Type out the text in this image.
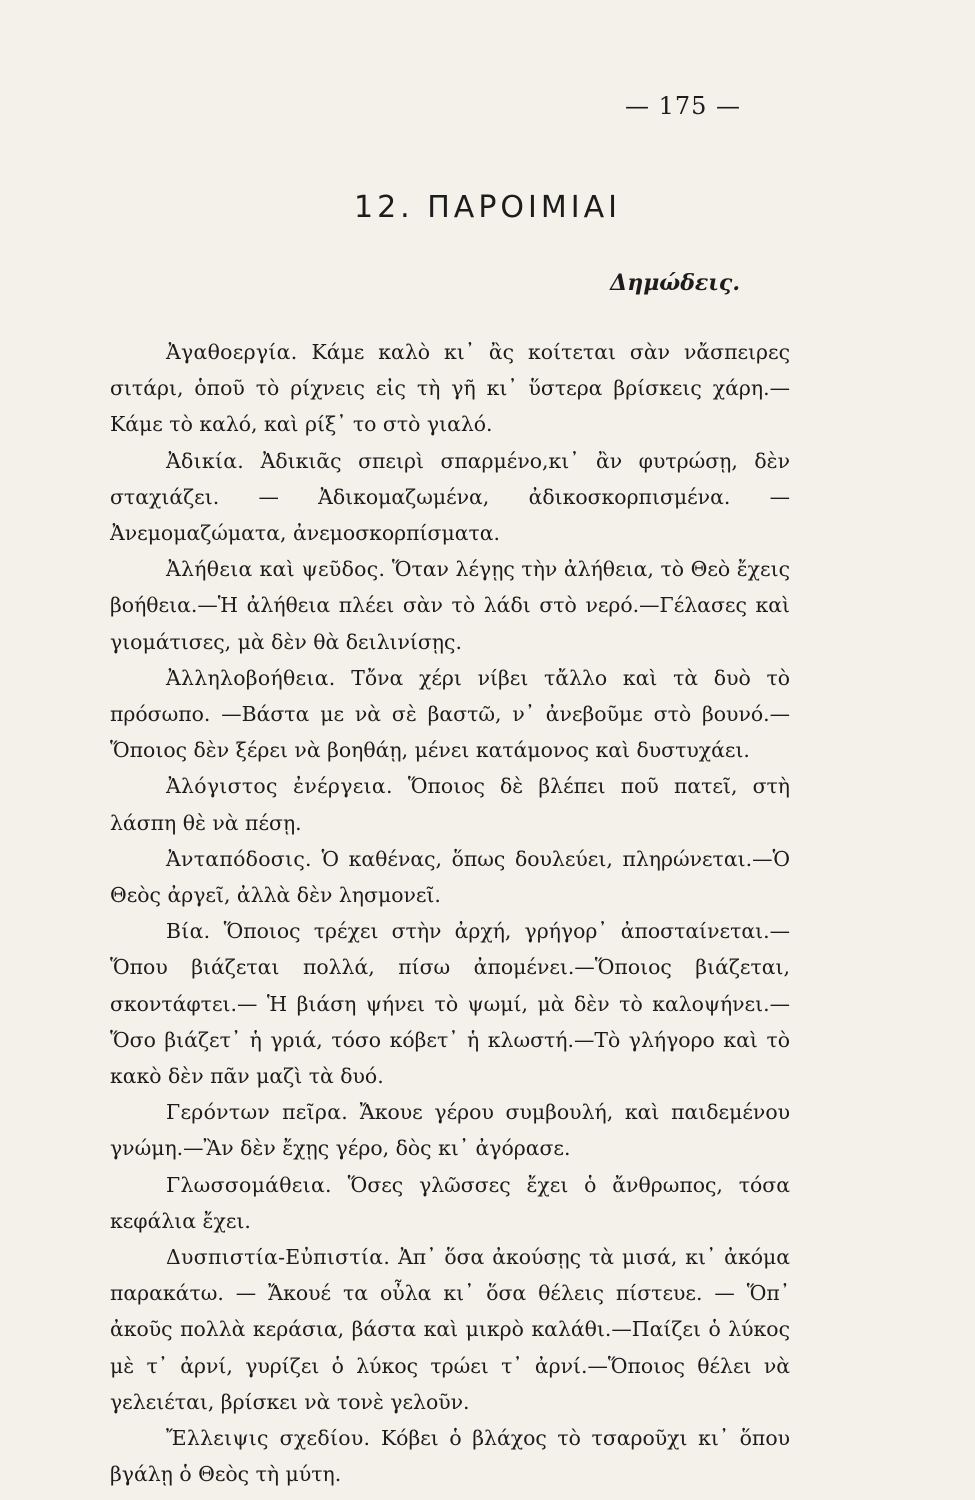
— 175 —
12. ΠΑΡΟΙΜΙΑΙ
Δημώδεις.

Ἀγαθοεργία. Κάμε καλὸ κι᾿ ἂς κοίτεται σὰν νἄσπειρες σιτάρι, ὁποῦ τὸ ρίχνεις εἰς τὴ γῆ κι᾿ ὕστερα βρίσκεις χάρη.— Κάμε τὸ καλό, καὶ ρίξ᾿ το στὸ γιαλό.

Ἀδικία. Ἀδικιᾶς σπειρὶ σπαρμένο,κι᾿ ἂν φυτρώσῃ, δὲν σταχιάζει. — Ἀδικομαζωμένα, ἀδικοσκορπισμένα. — Ἀνεμομαζώματα, ἀνεμοσκορπίσματα.

Ἀλήθεια καὶ ψεῦδος. Ὅταν λέγῃς τὴν ἀλήθεια, τὸ Θεὸ ἔχεις βοήθεια.—Ἡ ἀλήθεια πλέει σὰν τὸ λάδι στὸ νερό.—Γέλασες καὶ γιομάτισες, μὰ δὲν θὰ δειλινίσῃς.

Ἀλληλοβοήθεια. Τὄνα χέρι νίβει τἄλλο καὶ τὰ δυὸ τὸ πρόσωπο. —Βάστα με νὰ σὲ βαστῶ, ν᾿ ἀνεβοῦμε στὸ βουνό.—Ὅποιος δὲν ξέρει νὰ βοηθάῃ, μένει κατάμονος καὶ δυστυχάει.

Ἀλόγιστος ἐνέργεια. Ὅποιος δὲ βλέπει ποῦ πατεῖ, στὴ λάσπη θὲ νὰ πέσῃ.

Ἀνταπόδοσις. Ὁ καθένας, ὅπως δουλεύει, πληρώνεται.—Ὁ Θεὸς ἀργεῖ, ἀλλὰ δὲν λησμονεῖ.

Βία. Ὅποιος τρέχει στὴν ἀρχή, γρήγορ᾿ ἀποσταίνεται.—Ὅπου βιάζεται πολλά, πίσω ἀπομένει.—Ὅποιος βιάζεται, σκοντάφτει.— Ἡ βιάση ψήνει τὸ ψωμί, μὰ δὲν τὸ καλοψήνει.—Ὅσο βιάζετ᾿ ἡ γριά, τόσο κόβετ᾿ ἡ κλωστή.—Τὸ γλήγορο καὶ τὸ κακὸ δὲν πᾶν μαζὶ τὰ δυό.

Γερόντων πεῖρα. Ἄκουε γέρου συμβουλή, καὶ παιδεμένου γνώμη.—Ἂν δὲν ἔχῃς γέρο, δὸς κι᾿ ἀγόρασε.

Γλωσσομάθεια. Ὅσες γλῶσσες ἔχει ὁ ἄνθρωπος, τόσα κεφάλια ἔχει.

Δυσπιστία-Εὐπιστία. Ἀπ᾿ ὅσα ἀκούσῃς τὰ μισά, κι᾿ ἀκόμα παρακάτω. — Ἄκουέ τα οὖλα κι᾿ ὅσα θέλεις πίστευε. — Ὅπ᾿ ἀκοῦς πολλὰ κεράσια, βάστα καὶ μικρὸ καλάθι.—Παίζει ὁ λύκος μὲ τ᾿ ἀρνί, γυρίζει ὁ λύκος τρώει τ᾿ ἀρνί.—Ὅποιος θέλει νὰ γελειέται, βρίσκει νὰ τονὲ γελοῦν.

Ἔλλειψις σχεδίου. Κόβει ὁ βλάχος τὸ τσαροῦχι κι᾿ ὅπου βγάλῃ ὁ Θεὸς τὴ μύτη.
